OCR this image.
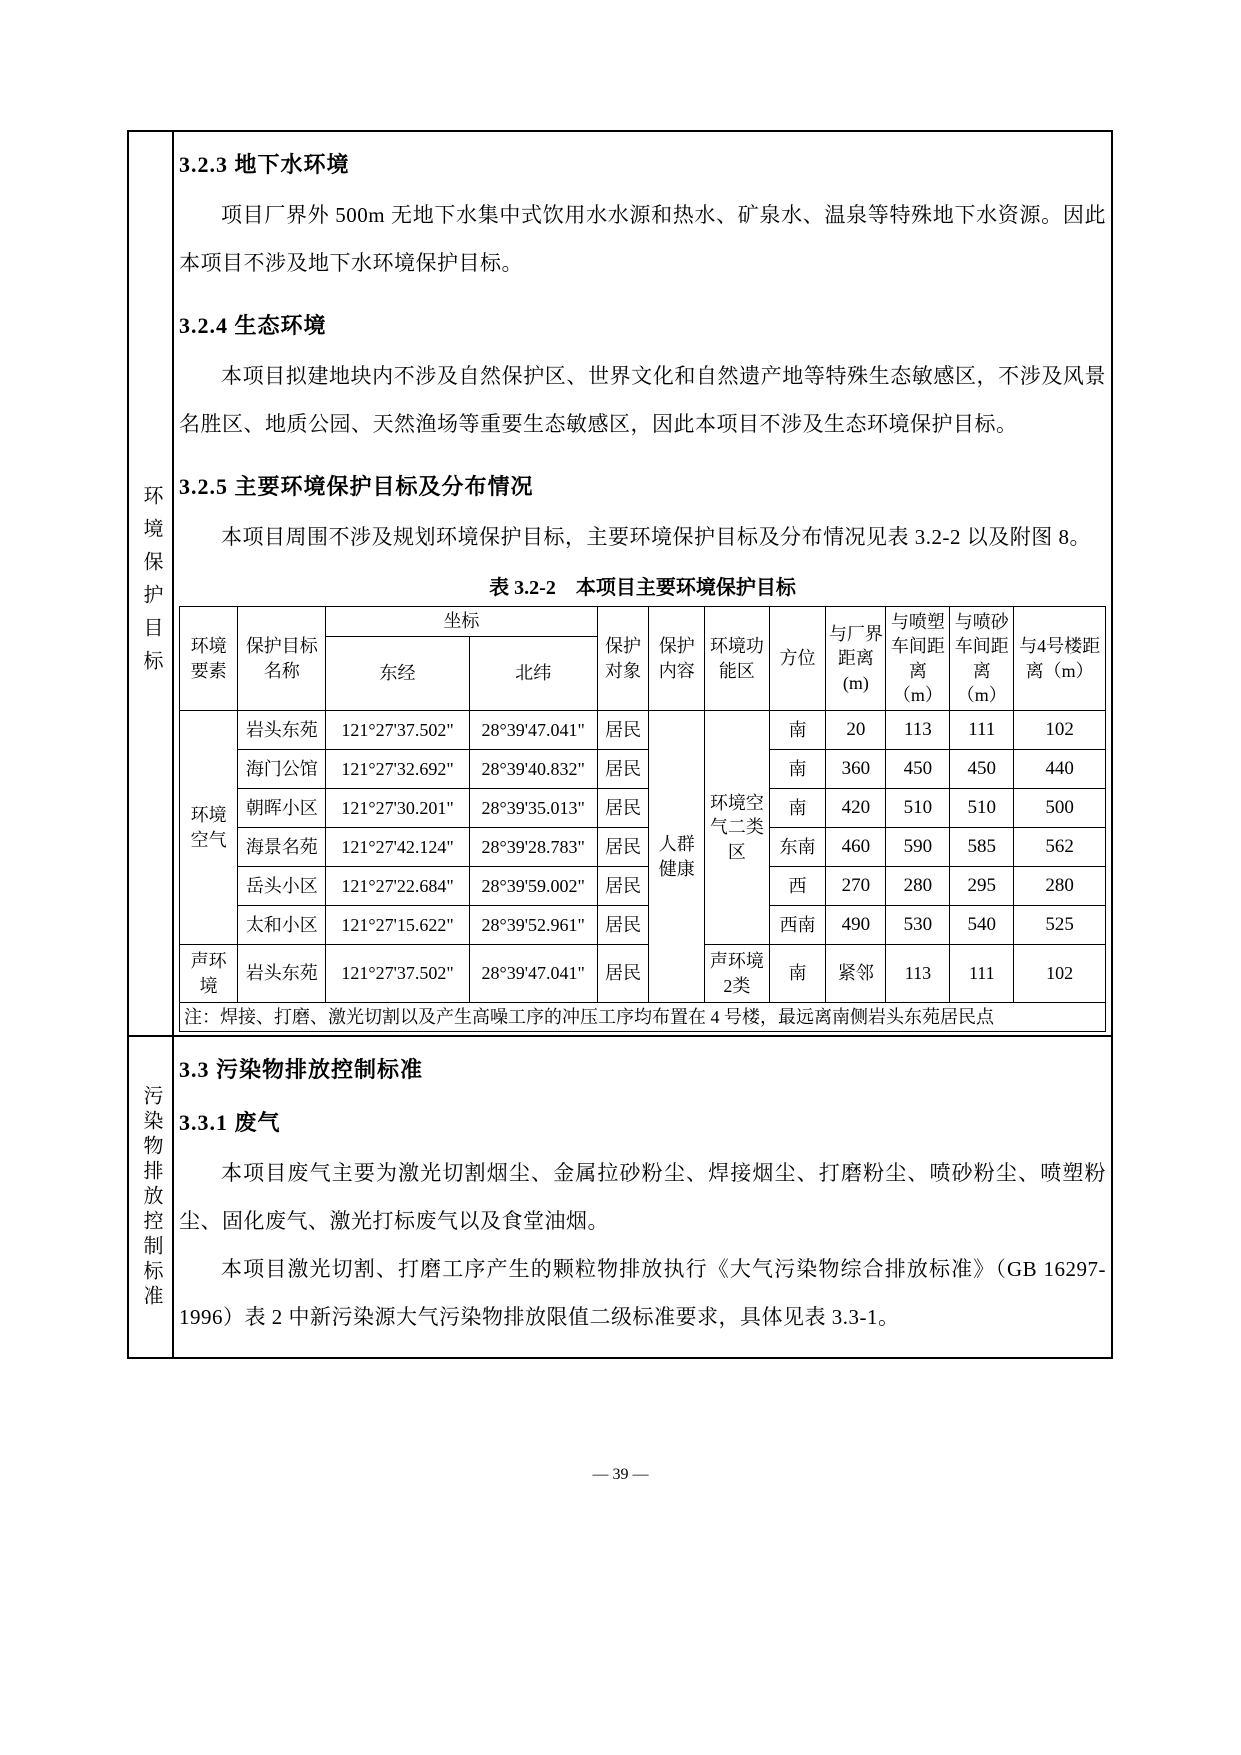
环境保护目标
3.2.3 地下水环境

项目厂界外 500m 无地下水集中式饮用水水源和热水、矿泉水、温泉等特殊地下水资源。因此本项目不涉及地下水环境保护目标。

3.2.4 生态环境

本项目拟建地块内不涉及自然保护区、世界文化和自然遗产地等特殊生态敏感区，不涉及风景名胜区、地质公园、天然渔场等重要生态敏感区，因此本项目不涉及生态环境保护目标。

3.2.5 主要环境保护目标及分布情况

本项目周围不涉及规划环境保护目标，主要环境保护目标及分布情况见表 3.2-2 以及附图 8。

表 3.2-2　本项目主要环境保护目标
环境要素	保护目标名称	坐标		保护对象	保护内容	环境功能区	方位	与厂界距离(m)	与喷塑车间距离（m）	与喷砂车间距离（m）	与4号楼距离（m）
		东经	北纬								
环境空气	岩头东苑	121°27'37.502"	28°39'47.041"	居民	人群健康	环境空气二类区	南	20	113	111	102
	海门公馆	121°27'32.692"	28°39'40.832"	居民			南	360	450	450	440
	朝晖小区	121°27'30.201"	28°39'35.013"	居民			南	420	510	510	500
	海景名苑	121°27'42.124"	28°39'28.783"	居民			东南	460	590	585	562
	岳头小区	121°27'22.684"	28°39'59.002"	居民			西	270	280	295	280
	太和小区	121°27'15.622"	28°39'52.961"	居民			西南	490	530	540	525
声环境	岩头东苑	121°27'37.502"	28°39'47.041"	居民		声环境2类	南	紧邻	113	111	102
注：焊接、打磨、激光切割以及产生高噪工序的冲压工序均布置在 4 号楼，最远离南侧岩头东苑居民点											
污染物排放控制标准
3.3 污染物排放控制标准
3.3.1 废气

本项目废气主要为激光切割烟尘、金属拉砂粉尘、焊接烟尘、打磨粉尘、喷砂粉尘、喷塑粉尘、固化废气、激光打标废气以及食堂油烟。

本项目激光切割、打磨工序产生的颗粒物排放执行《大气污染物综合排放标准》（GB 16297-1996）表 2 中新污染源大气污染物排放限值二级标准要求，具体见表 3.3-1。

— 39 —
